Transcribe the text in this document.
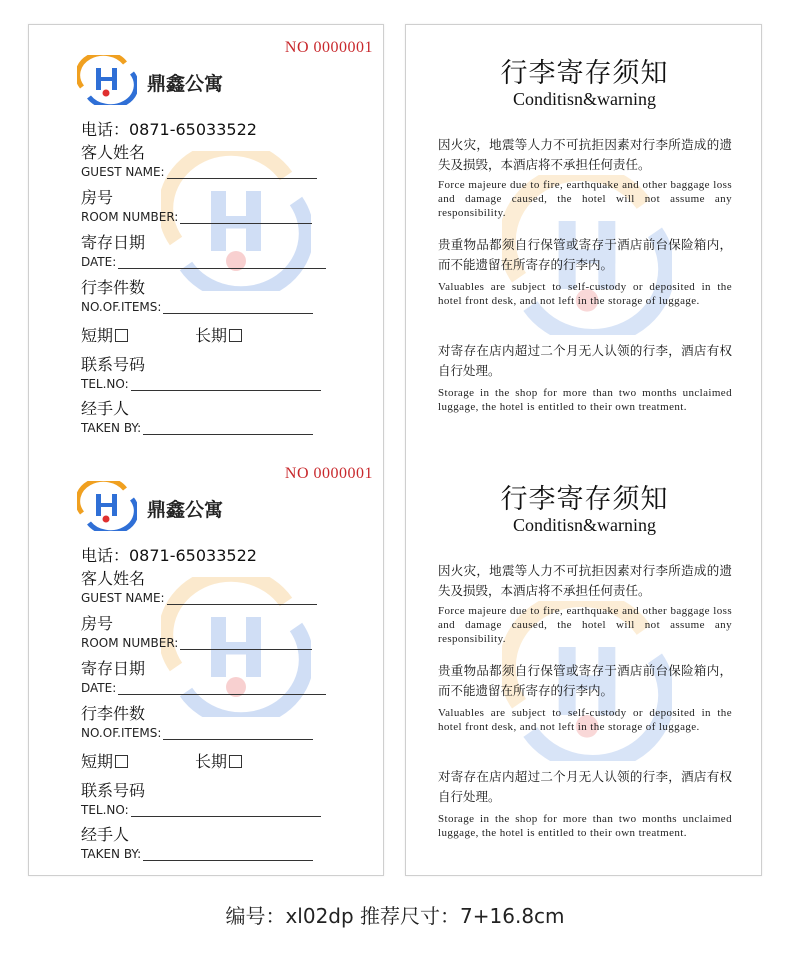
NO 0000001
鼎鑫公寓
电话：0871-65033522
客人姓名
GUEST NAME:
房号
ROOM NUMBER:
寄存日期
DATE:
行李件数
NO.OF.ITEMS:
短期	长期
联系号码
TEL.NO:
经手人
TAKEN BY:
NO 0000001
鼎鑫公寓
电话：0871-65033522
客人姓名
GUEST NAME:
房号
ROOM NUMBER:
寄存日期
DATE:
行李件数
NO.OF.ITEMS:
短期	长期
联系号码
TEL.NO:
经手人
TAKEN BY:
行李寄存须知
Conditisn&warning
因火灾，地震等人力不可抗拒因素对行李所造成的遗失及损毁，本酒店将不承担任何责任。
Force majeure due to fire, earthquake and other baggage loss and damage caused, the hotel will not assume any responsibility.
贵重物品都须自行保管或寄存于酒店前台保险箱内，而不能遗留在所寄存的行李内。
Valuables are subject to self-custody or deposited in the hotel front desk, and not left in the storage of luggage.
对寄存在店内超过二个月无人认领的行李，酒店有权自行处理。
Storage in the shop for more than two months unclaimed luggage, the hotel is entitled to their own treatment.
行李寄存须知
Conditisn&warning
因火灾，地震等人力不可抗拒因素对行李所造成的遗失及损毁，本酒店将不承担任何责任。
Force majeure due to fire, earthquake and other baggage loss and damage caused, the hotel will not assume any responsibility.
贵重物品都须自行保管或寄存于酒店前台保险箱内，而不能遗留在所寄存的行李内。
Valuables are subject to self-custody or deposited in the hotel front desk, and not left in the storage of luggage.
对寄存在店内超过二个月无人认领的行李，酒店有权自行处理。
Storage in the shop for more than two months unclaimed luggage, the hotel is entitled to their own treatment.
编号：xl02dp 推荐尺寸：7+16.8cm
